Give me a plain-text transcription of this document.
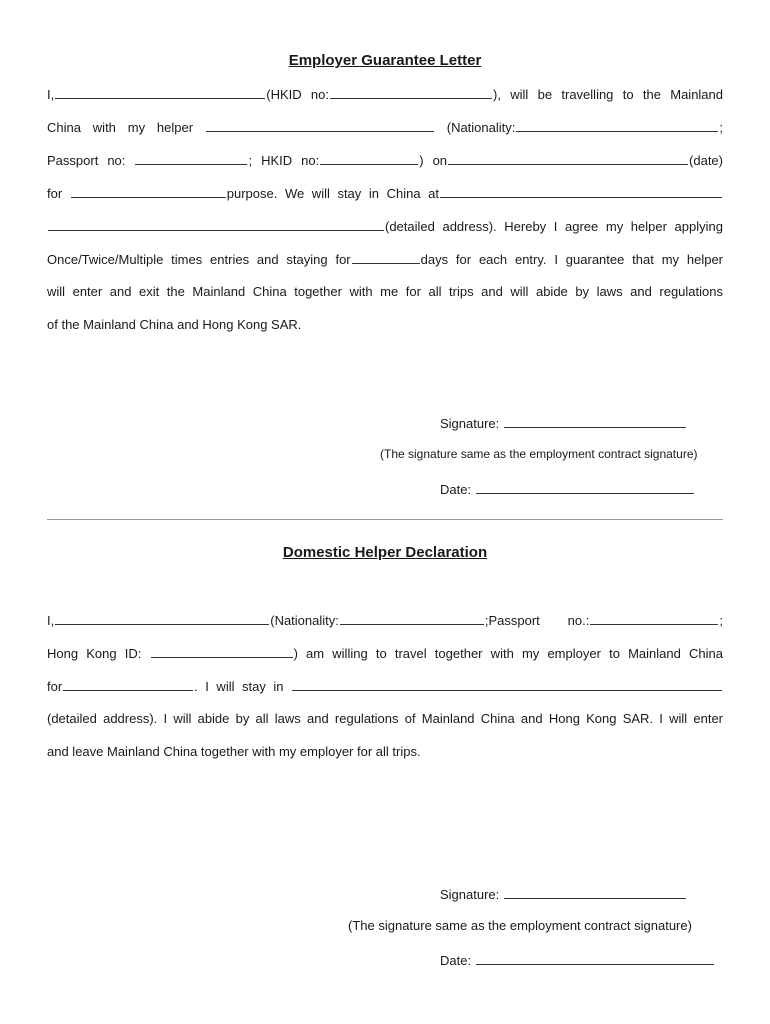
Employer Guarantee Letter
I,	(HKID no:	), will be travelling to the Mainland
China with my helper	(Nationality:	;
Passport no:	; HKID no:	) on	(date)
for	purpose. We will stay in China at
(detailed address). Hereby I agree my helper applying
Once/Twice/Multiple times entries and staying for	days for each entry. I guarantee that my helper
will enter and exit the Mainland China together with me for all trips and will abide by laws and regulations
of the Mainland China and Hong Kong SAR.
Signature:
(The signature same as the employment contract signature)
Date:
Domestic Helper Declaration
I,	(Nationality:	;Passport no.:	;
Hong Kong ID:	) am willing to travel together with my employer to Mainland China
for	. I will stay in
(detailed address). I will abide by all laws and regulations of Mainland China and Hong Kong SAR. I will enter
and leave Mainland China together with my employer for all trips.
Signature:
(The signature same as the employment contract signature)
Date:
